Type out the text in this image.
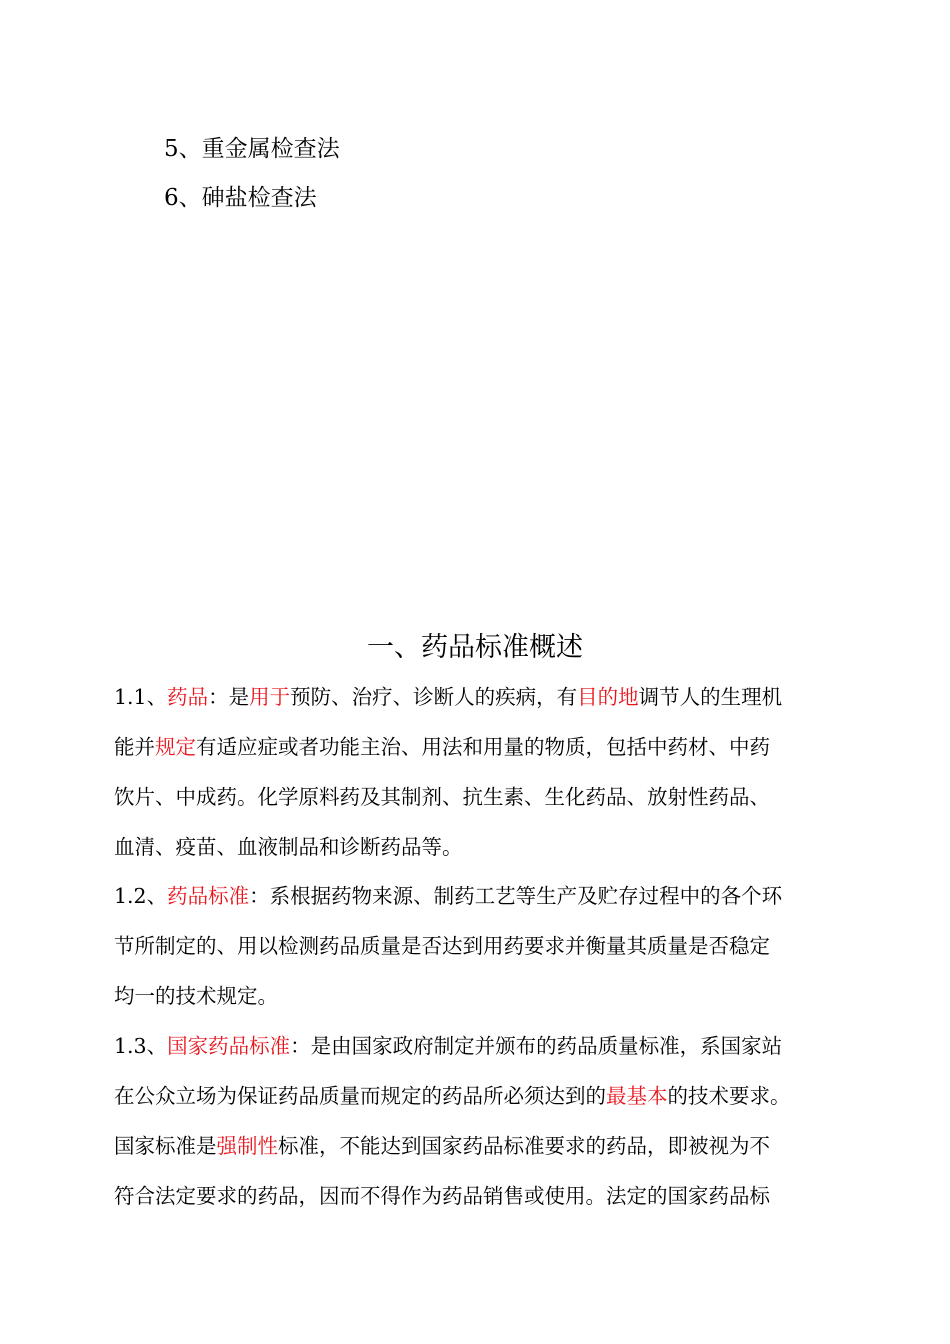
5、重金属检查法
6、砷盐检查法
一、药品标准概述
1.1、药品：是用于预防、治疗、诊断人的疾病，有目的地调节人的生理机
能并规定有适应症或者功能主治、用法和用量的物质，包括中药材、中药
饮片、中成药。化学原料药及其制剂、抗生素、生化药品、放射性药品、
血清、疫苗、血液制品和诊断药品等。
1.2、药品标准：系根据药物来源、制药工艺等生产及贮存过程中的各个环
节所制定的、用以检测药品质量是否达到用药要求并衡量其质量是否稳定
均一的技术规定。
1.3、国家药品标准：是由国家政府制定并颁布的药品质量标准，系国家站
在公众立场为保证药品质量而规定的药品所必须达到的最基本的技术要求。
国家标准是强制性标准，不能达到国家药品标准要求的药品，即被视为不
符合法定要求的药品，因而不得作为药品销售或使用。法定的国家药品标
